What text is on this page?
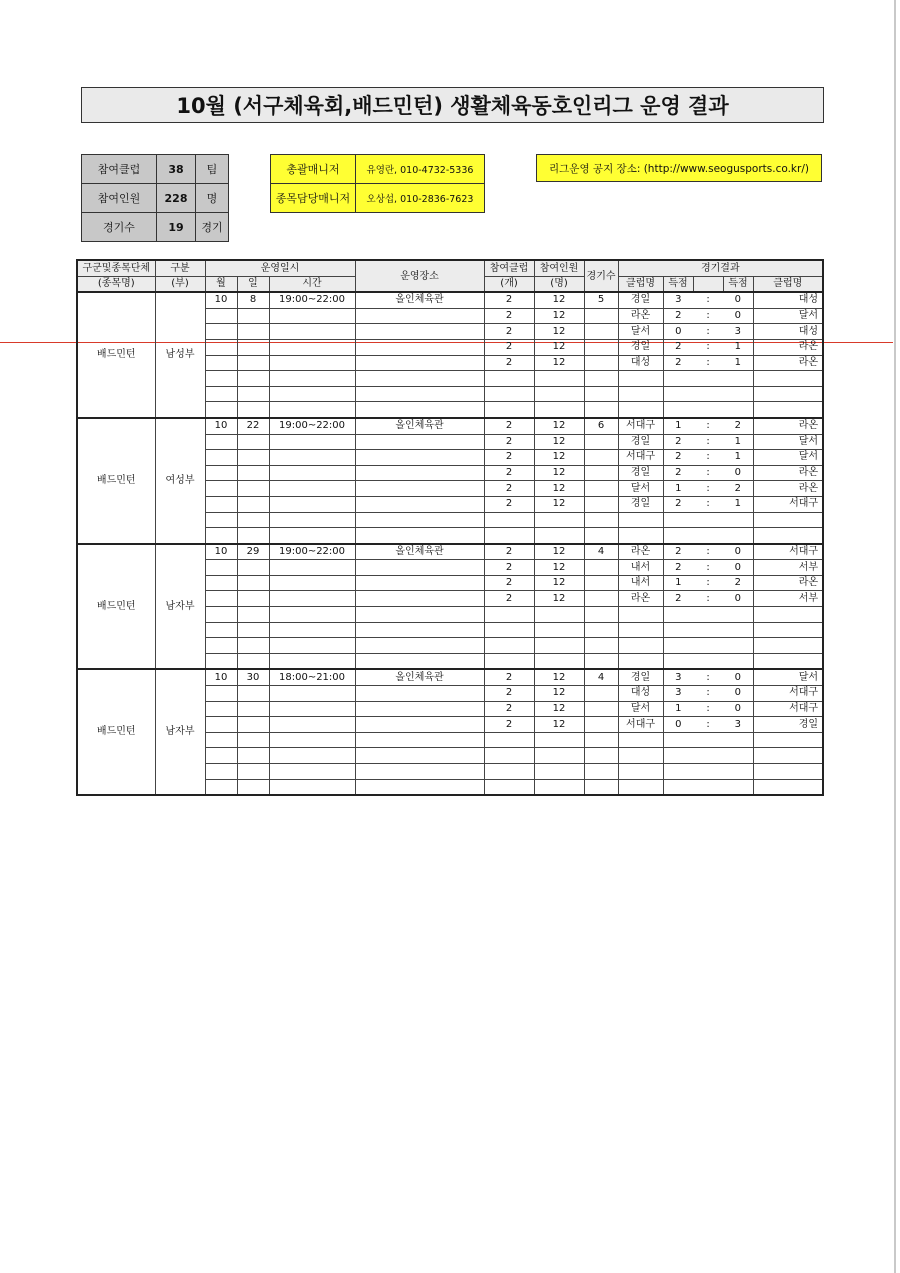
10월 (서구체육회,배드민턴) 생활체육동호인리그 운영 결과
참여클럽	38	팀
참여인원	228	명
경기수	19	경기
총괄매니저	유영란, 010-4732-5336
종목담당매니저	오상섭, 010-2836-7623
리그운영 공지 장소: (http://www.seogusports.co.kr/)
구군및종목단체	구분	운영일시			운영장소	참여클럽	참여인원	경기수	경기결과				
(종목명)	(부)	월	일	시간		(개)	(명)		클럽명	득점		득점	클럽명
배드민턴	남성부	10	8	19:00~22:00	올인체육관	2	12	5	경일	3	:	0	대성
						2	12		라온	2	:	0	달서
						2	12		달서	0	:	3	대성
						2	12		경일	2	:	1	라온
						2	12		대성	2	:	1	라온

배드민턴	여성부	10	22	19:00~22:00	올인체육관	2	12	6	서대구	1	:	2	라온
						2	12		경일	2	:	1	달서
						2	12		서대구	2	:	1	달서
						2	12		경일	2	:	0	라온
						2	12		달서	1	:	2	라온
						2	12		경일	2	:	1	서대구

배드민턴	남자부	10	29	19:00~22:00	올인체육관	2	12	4	라온	2	:	0	서대구
						2	12		내서	2	:	0	서부
						2	12		내서	1	:	2	라온
						2	12		라온	2	:	0	서부

배드민턴	남자부	10	30	18:00~21:00	올인체육관	2	12	4	경일	3	:	0	달서
						2	12		대성	3	:	0	서대구
						2	12		달서	1	:	0	서대구
						2	12		서대구	0	:	3	경일
